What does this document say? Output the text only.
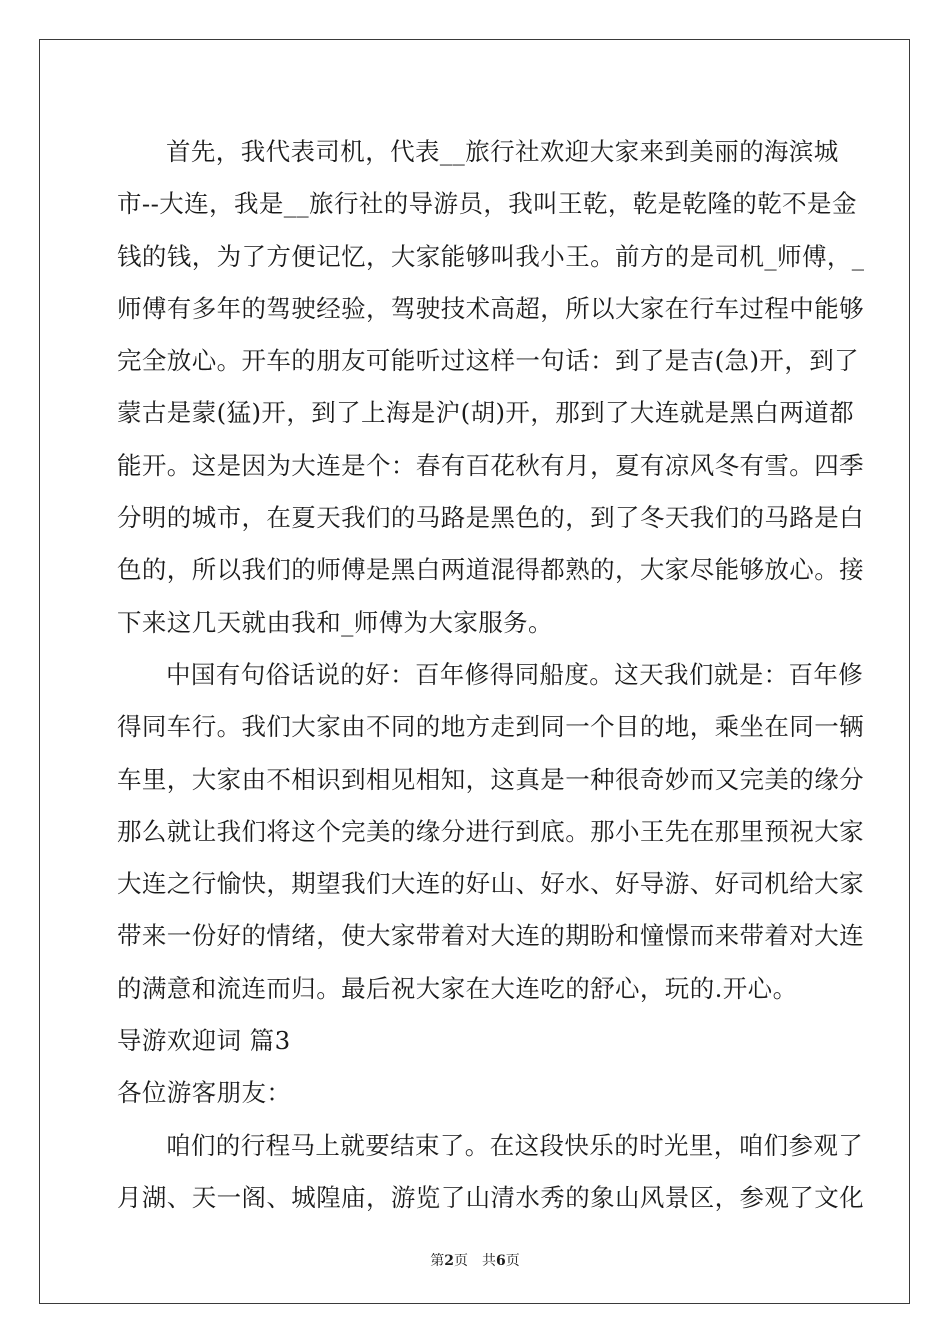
首先，我代表司机，代表__旅行社欢迎大家来到美丽的海滨城
市--大连，我是__旅行社的导游员，我叫王乾，乾是乾隆的乾不是金
钱的钱，为了方便记忆，大家能够叫我小王。前方的是司机_师傅，_
师傅有多年的驾驶经验，驾驶技术高超，所以大家在行车过程中能够
完全放心。开车的朋友可能听过这样一句话：到了是吉(急)开，到了
蒙古是蒙(猛)开，到了上海是沪(胡)开，那到了大连就是黑白两道都
能开。这是因为大连是个：春有百花秋有月，夏有凉风冬有雪。四季
分明的城市，在夏天我们的马路是黑色的，到了冬天我们的马路是白
色的，所以我们的师傅是黑白两道混得都熟的，大家尽能够放心。接
下来这几天就由我和_师傅为大家服务。
中国有句俗话说的好：百年修得同船度。这天我们就是：百年修
得同车行。我们大家由不同的地方走到同一个目的地，乘坐在同一辆
车里，大家由不相识到相见相知，这真是一种很奇妙而又完美的缘分
那么就让我们将这个完美的缘分进行到底。那小王先在那里预祝大家
大连之行愉快，期望我们大连的好山、好水、好导游、好司机给大家
带来一份好的情绪，使大家带着对大连的期盼和憧憬而来带着对大连
的满意和流连而归。最后祝大家在大连吃的舒心，玩的.开心。
导游欢迎词 篇3
各位游客朋友：
咱们的行程马上就要结束了。在这段快乐的时光里，咱们参观了
月湖、天一阁、城隍庙，游览了山清水秀的象山风景区，参观了文化
第2页 共6页
